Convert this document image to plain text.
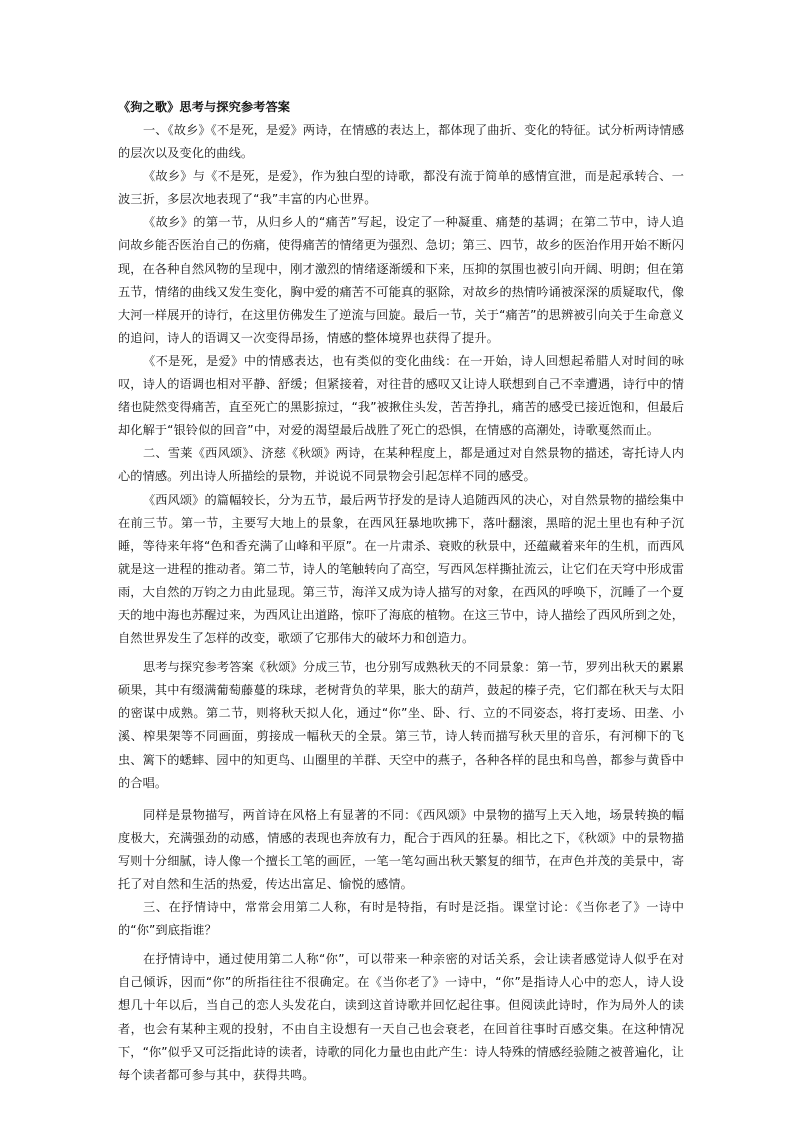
《狗之歌》思考与探究参考答案

一、《故乡》《不是死，是爱》两诗，在情感的表达上，都体现了曲折、变化的特征。试分析两诗情感的层次以及变化的曲线。

《故乡》与《不是死，是爱》，作为独白型的诗歌，都没有流于简单的感情宣泄，而是起承转合、一波三折，多层次地表现了“我”丰富的内心世界。

《故乡》的第一节，从归乡人的“痛苦”写起，设定了一种凝重、痛楚的基调；在第二节中，诗人追问故乡能否医治自己的伤痛，使得痛苦的情绪更为强烈、急切；第三、四节，故乡的医治作用开始不断闪现，在各种自然风物的呈现中，刚才激烈的情绪逐渐缓和下来，压抑的氛围也被引向开阔、明朗；但在第五节，情绪的曲线又发生变化，胸中爱的痛苦不可能真的驱除，对故乡的热情吟诵被深深的质疑取代，像大河一样展开的诗行，在这里仿佛发生了逆流与回旋。最后一节，关于“痛苦”的思辨被引向关于生命意义的追问，诗人的语调又一次变得昂扬，情感的整体境界也获得了提升。

《不是死，是爱》中的情感表达，也有类似的变化曲线：在一开始，诗人回想起希腊人对时间的咏叹，诗人的语调也相对平静、舒缓；但紧接着，对往昔的感叹又让诗人联想到自己不幸遭遇，诗行中的情绪也陡然变得痛苦，直至死亡的黑影掠过，“我”被揪住头发，苦苦挣扎，痛苦的感受已接近饱和，但最后却化解于“银铃似的回音”中，对爱的渴望最后战胜了死亡的恐惧，在情感的高潮处，诗歌戛然而止。

二、雪莱《西风颂》、济慈《秋颂》两诗，在某种程度上，都是通过对自然景物的描述，寄托诗人内心的情感。列出诗人所描绘的景物，并说说不同景物会引起怎样不同的感受。

《西风颂》的篇幅较长，分为五节，最后两节抒发的是诗人追随西风的决心，对自然景物的描绘集中在前三节。第一节，主要写大地上的景象，在西风狂暴地吹拂下，落叶翻滚，黑暗的泥土里也有种子沉睡，等待来年将“色和香充满了山峰和平原”。在一片肃杀、衰败的秋景中，还蕴藏着来年的生机，而西风就是这一进程的推动者。第二节，诗人的笔触转向了高空，写西风怎样撕扯流云，让它们在天穹中形成雷雨，大自然的万钧之力由此显现。第三节，海洋又成为诗人描写的对象，在西风的呼唤下，沉睡了一个夏天的地中海也苏醒过来，为西风让出道路，惊吓了海底的植物。在这三节中，诗人描绘了西风所到之处，自然世界发生了怎样的改变，歌颂了它那伟大的破坏力和创造力。

思考与探究参考答案《秋颂》分成三节，也分别写成熟秋天的不同景象：第一节，罗列出秋天的累累硕果，其中有缀满葡萄藤蔓的珠球，老树背负的苹果，胀大的葫芦，鼓起的榛子壳，它们都在秋天与太阳的密谋中成熟。第二节，则将秋天拟人化，通过“你”坐、卧、行、立的不同姿态，将打麦场、田垄、小溪、榨果架等不同画面，剪接成一幅秋天的全景。第三节，诗人转而描写秋天里的音乐，有河柳下的飞虫、篱下的蟋蟀、园中的知更鸟、山圈里的羊群、天空中的燕子，各种各样的昆虫和鸟兽，都参与黄昏中的合唱。

同样是景物描写，两首诗在风格上有显著的不同：《西风颂》中景物的描写上天入地，场景转换的幅度极大，充满强劲的动感，情感的表现也奔放有力，配合于西风的狂暴。相比之下，《秋颂》中的景物描写则十分细腻，诗人像一个擅长工笔的画匠，一笔一笔勾画出秋天繁复的细节，在声色并茂的美景中，寄托了对自然和生活的热爱，传达出富足、愉悦的感情。

三、在抒情诗中，常常会用第二人称，有时是特指，有时是泛指。课堂讨论：《当你老了》一诗中的“你”到底指谁？

在抒情诗中，通过使用第二人称“你”，可以带来一种亲密的对话关系，会让读者感觉诗人似乎在对自己倾诉，因而“你”的所指往往不很确定。在《当你老了》一诗中，“你”是指诗人心中的恋人，诗人设想几十年以后，当自己的恋人头发花白，读到这首诗歌并回忆起往事。但阅读此诗时，作为局外人的读者，也会有某种主观的投射，不由自主设想有一天自己也会衰老，在回首往事时百感交集。在这种情况下，“你”似乎又可泛指此诗的读者，诗歌的同化力量也由此产生：诗人特殊的情感经验随之被普遍化，让每个读者都可参与其中，获得共鸣。
